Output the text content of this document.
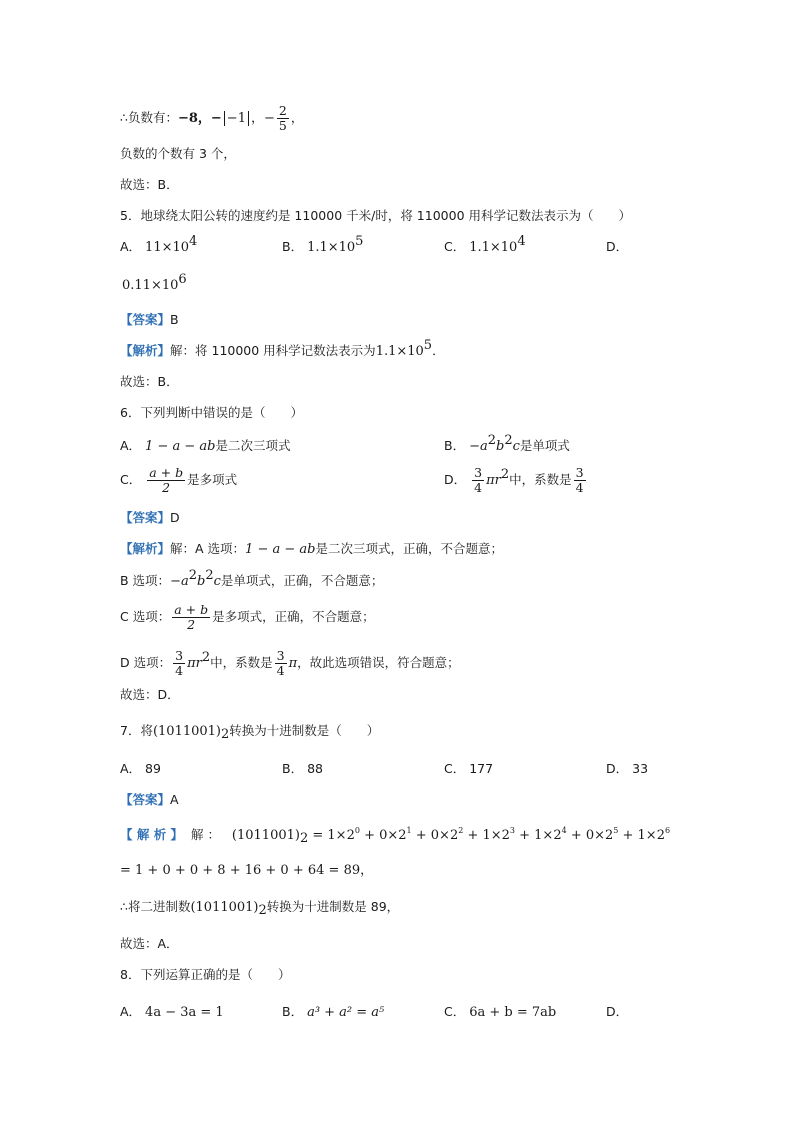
∴负数有：−8，− −1 ，− $\frac{2}{5}$ ，
负数的个数有 3 个，
故选：B．
5．地球绕太阳公转的速度约是 110000 千米/时，将 110000 用科学记数法表示为（　　）
A． $11\times 10^4$	B． $1.1\times 10^5$	C． $1.1\times 10^4$	D．
$0.11\times 10^6$
【答案】B
【解析】解：将 110000 用科学记数法表示为$1.1\times 10^5$．
故选：B．
6．下列判断中错误的是（　　）
A． 1 − a − ab是二次三项式	B． $-a^2b^2c$是单项式
C． $\frac{a + b}{2}$ 是多项式	D． $\frac{3}{4} \pi r^2$中，系数是 $\frac{3}{4}$
【答案】D
【解析】解：A 选项：1 − a − ab是二次三项式，正确，不合题意；
B 选项：$-a^2b^2c$是单项式，正确，不合题意；
C 选项： $\frac{a + b}{2}$ 是多项式，正确，不合题意；
D 选项： $\frac{3}{4} \pi r^2$中，系数是 $\frac{3}{4}$ π，故此选项错误，符合题意；
故选：D．
7．将$(1011001)_2$转换为十进制数是（　　）
A． 89	B． 88	C． 177	D． 33
【答案】A
【 解 析 】 解 ： $(1011001)_2 = 1\times 2^0 + 0\times 2^1 + 0\times 2^2 + 1\times 2^3 + 1\times 2^4 + 0\times 2^5 + 1\times 2^6$
= 1 + 0 + 0 + 8 + 16 + 0 + 64 = 89，
∴将二进制数$(1011001)_2$转换为十进制数是 89，
故选：A．
8．下列运算正确的是（　　）
A． 4a − 3a = 1	B． a³ + a² = a⁵	C． 6a + b = 7ab	D．
